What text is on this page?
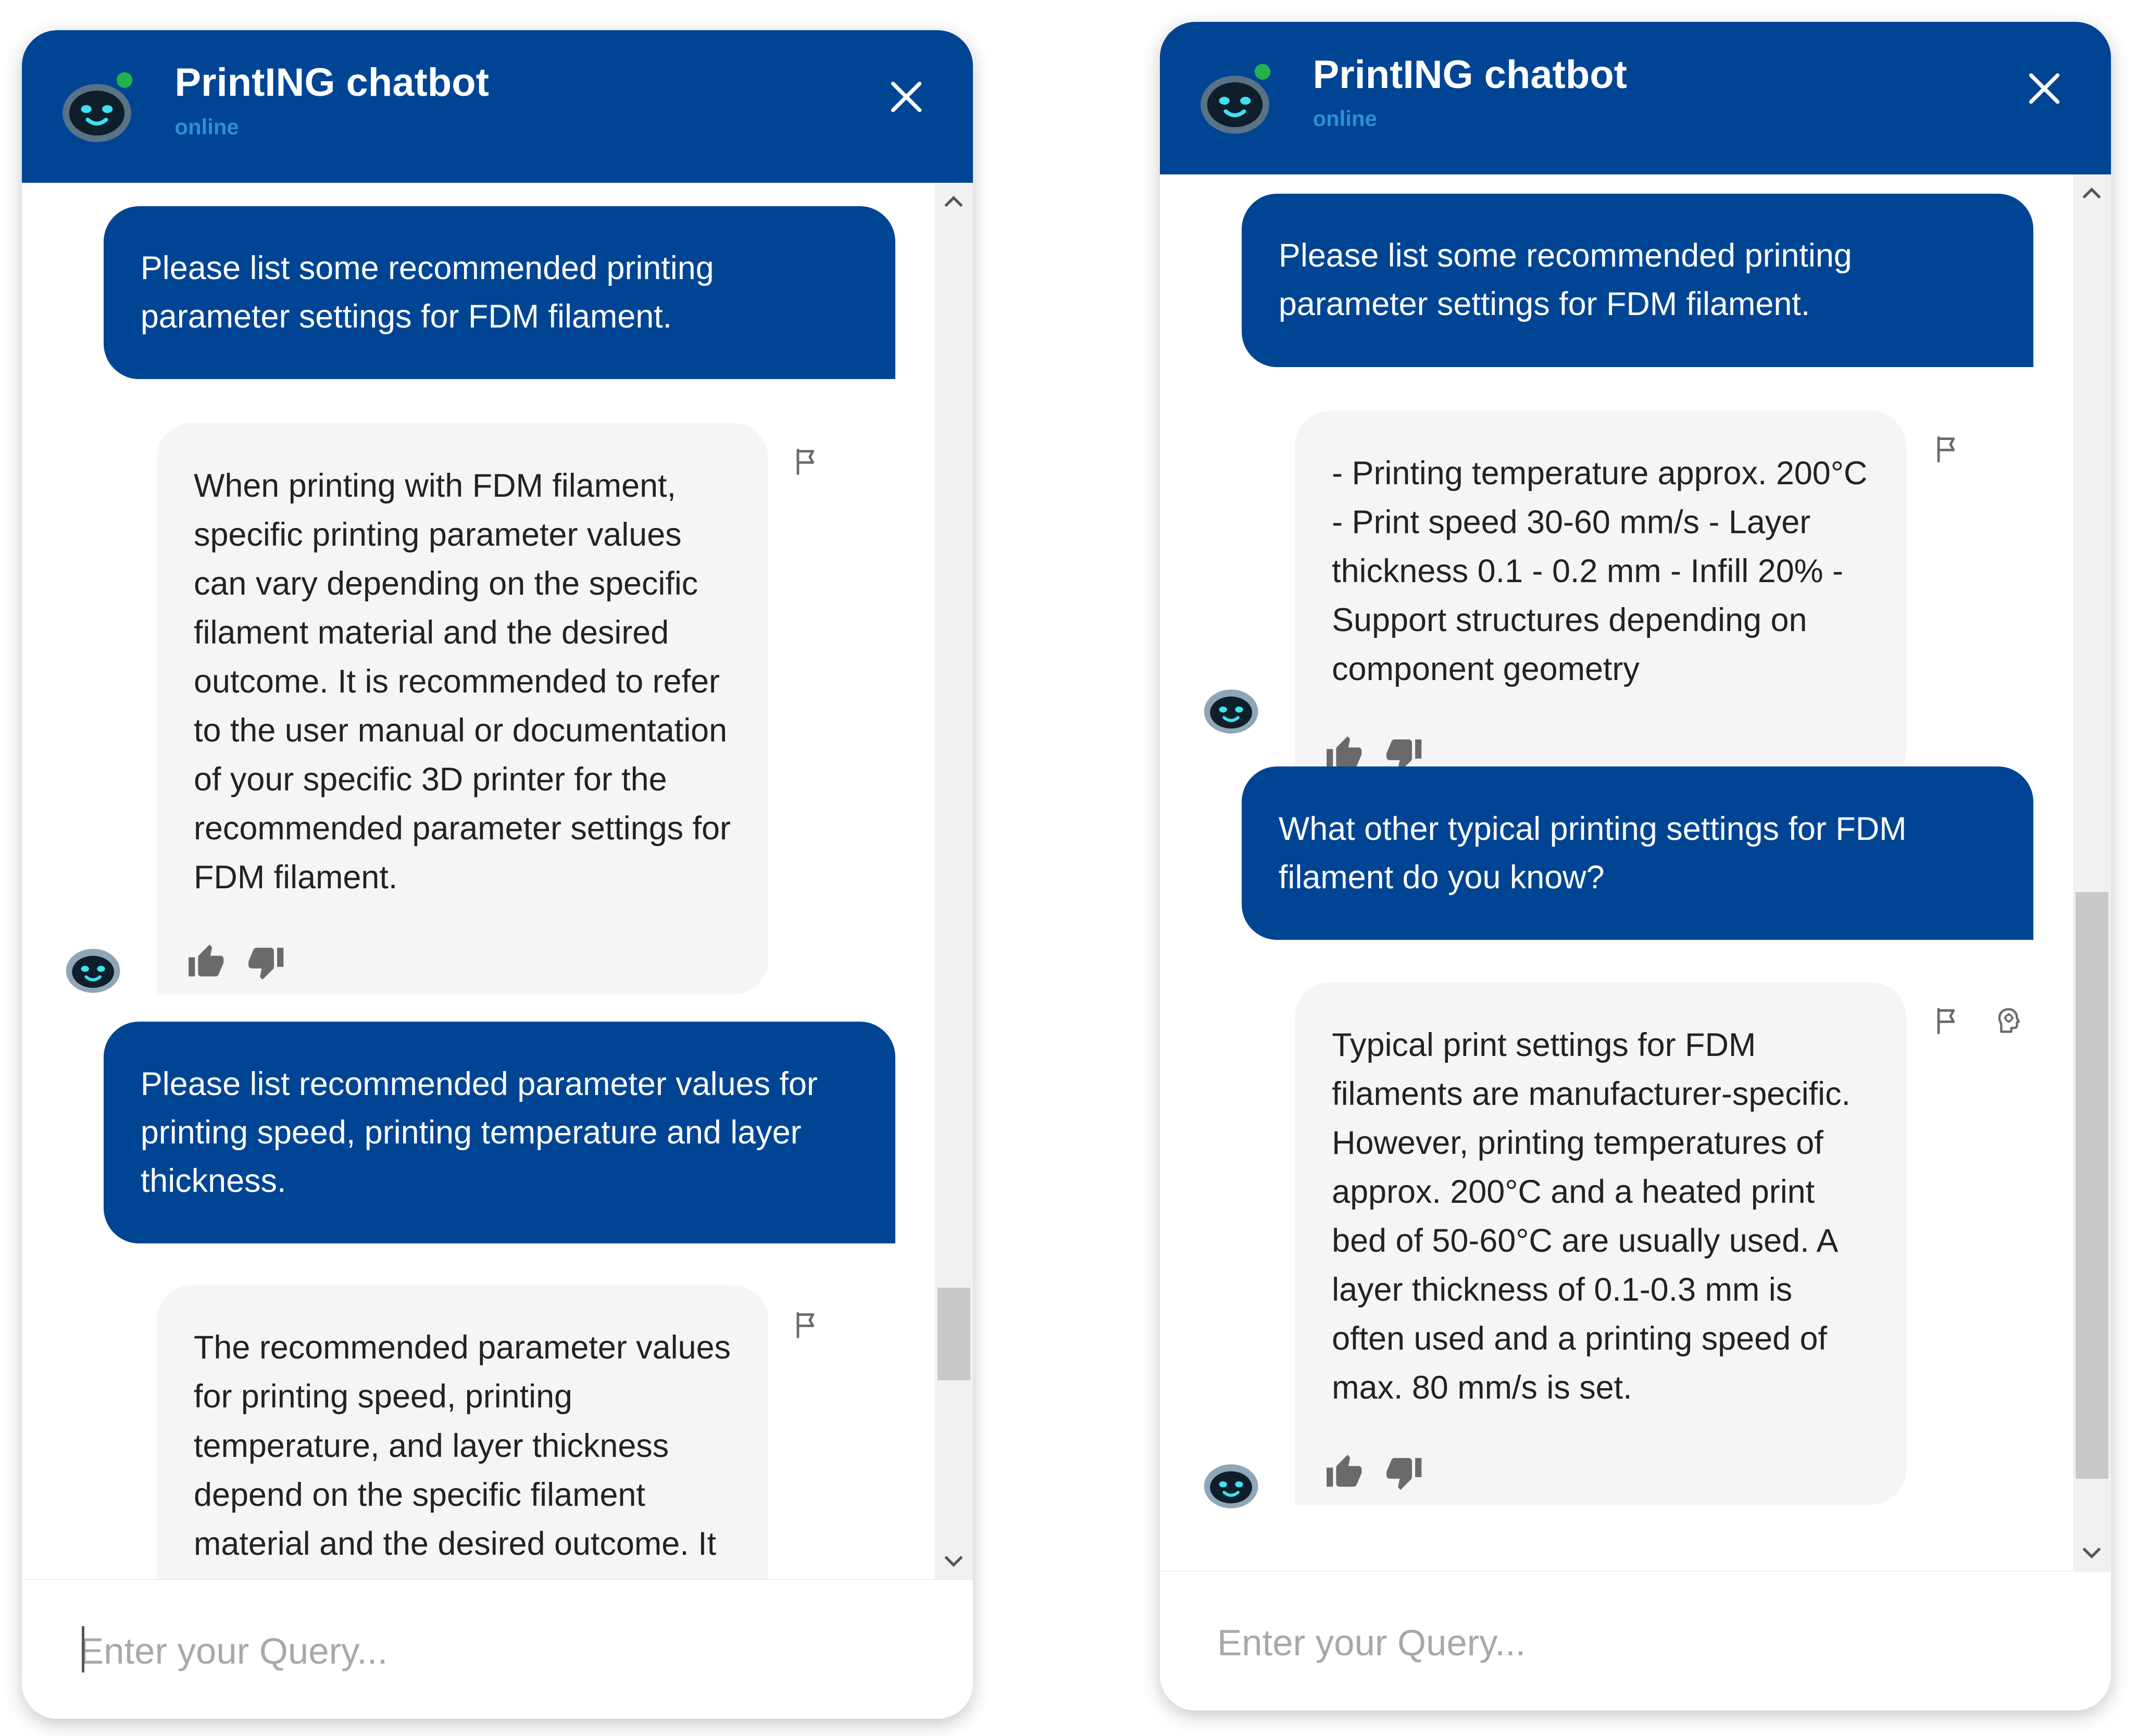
PrintING chatbot
online
Please list some recommended printing parameter settings for FDM filament.
When printing with FDM filament, specific printing parameter values can vary depending on the specific filament material and the desired outcome. It is recommended to refer to the user manual or documentation of your specific 3D printer for the recommended parameter settings for FDM filament.
Please list recommended parameter values for printing speed, printing temperature and layer thickness.
The recommended parameter values for printing speed, printing temperature, and layer thickness depend on the specific filament material and the desired outcome. It
Enter your Query...
PrintING chatbot
online
Please list some recommended printing parameter settings for FDM filament.
- Printing temperature approx. 200°C - Print speed 30-60 mm/s - Layer thickness 0.1 - 0.2 mm - Infill 20% - Support structures depending on component geometry
What other typical printing settings for FDM filament do you know?
Typical print settings for FDM filaments are manufacturer-specific. However, printing temperatures of approx. 200°C and a heated print bed of 50-60°C are usually used. A layer thickness of 0.1-0.3 mm is often used and a printing speed of max. 80 mm/s is set.
Enter your Query...
